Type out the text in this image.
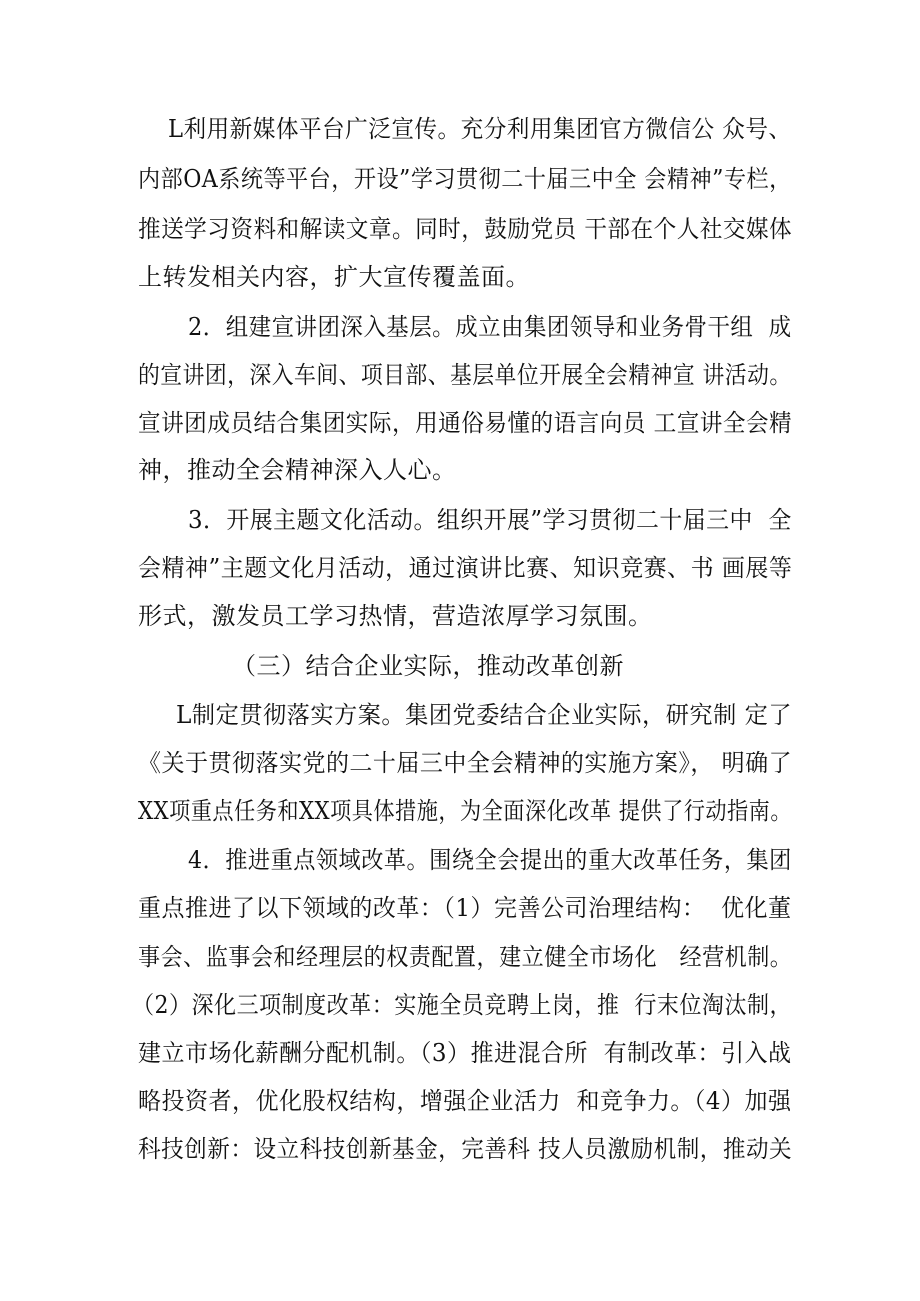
L利用新媒体平台广泛宣传。充分利用集团官方微信公 众号、
内部OA系统等平台，开设”学习贯彻二十届三中全 会精神”专栏，
推送学习资料和解读文章。同时，鼓励党员 干部在个人社交媒体
上转发相关内容，扩大宣传覆盖面。
2．组建宣讲团深入基层。成立由集团领导和业务骨干组  成
的宣讲团，深入车间、项目部、基层单位开展全会精神宣 讲活动。
宣讲团成员结合集团实际，用通俗易懂的语言向员 工宣讲全会精
神，推动全会精神深入人心。
3．开展主题文化活动。组织开展”学习贯彻二十届三中  全
会精神”主题文化月活动，通过演讲比赛、知识竞赛、书 画展等
形式，激发员工学习热情，营造浓厚学习氛围。
（三）结合企业实际，推动改革创新
L制定贯彻落实方案。集团党委结合企业实际，研究制 定了
《关于贯彻落实党的二十届三中全会精神的实施方案》， 明确了
XX项重点任务和XX项具体措施，为全面深化改革 提供了行动指南。
4．推进重点领域改革。围绕全会提出的重大改革任务，集团
重点推进了以下领域的改革：（1）完善公司治理结构：  优化董
事会、监事会和经理层的权责配置，建立健全市场化   经营机制。
（2）深化三项制度改革：实施全员竞聘上岗，推  行末位淘汰制，
建立市场化薪酬分配机制。（3）推进混合所  有制改革：引入战
略投资者，优化股权结构，增强企业活力  和竞争力。（4）加强
科技创新：设立科技创新基金，完善科 技人员激励机制，推动关
